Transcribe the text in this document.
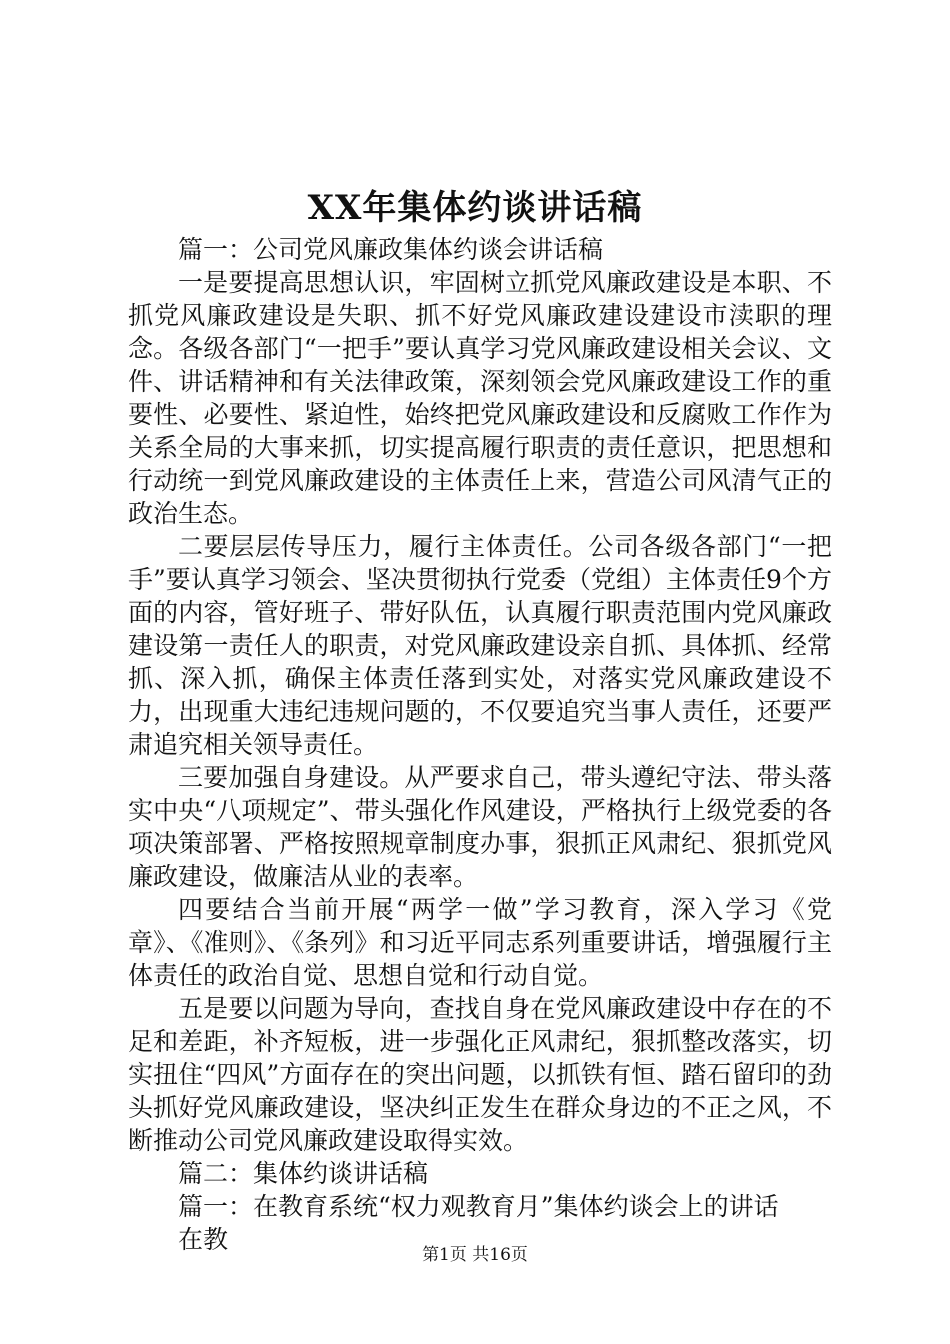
XX年集体约谈讲话稿

篇一：公司党风廉政集体约谈会讲话稿

一是要提高思想认识，牢固树立抓党风廉政建设是本职、不抓党风廉政建设是失职、抓不好党风廉政建设建设市渎职的理念。各级各部门“一把手”要认真学习党风廉政建设相关会议、文件、讲话精神和有关法律政策，深刻领会党风廉政建设工作的重要性、必要性、紧迫性，始终把党风廉政建设和反腐败工作作为关系全局的大事来抓，切实提高履行职责的责任意识，把思想和行动统一到党风廉政建设的主体责任上来，营造公司风清气正的政治生态。

二要层层传导压力，履行主体责任。公司各级各部门“一把手”要认真学习领会、坚决贯彻执行党委（党组）主体责任9个方面的内容，管好班子、带好队伍，认真履行职责范围内党风廉政建设第一责任人的职责，对党风廉政建设亲自抓、具体抓、经常抓、深入抓，确保主体责任落到实处，对落实党风廉政建设不力，出现重大违纪违规问题的，不仅要追究当事人责任，还要严肃追究相关领导责任。

三要加强自身建设。从严要求自己，带头遵纪守法、带头落实中央“八项规定”、带头强化作风建设，严格执行上级党委的各项决策部署、严格按照规章制度办事，狠抓正风肃纪、狠抓党风廉政建设，做廉洁从业的表率。

四要结合当前开展“两学一做”学习教育，深入学习《党章》、《准则》、《条列》和习近平同志系列重要讲话，增强履行主体责任的政治自觉、思想自觉和行动自觉。

五是要以问题为导向，查找自身在党风廉政建设中存在的不足和差距，补齐短板，进一步强化正风肃纪，狠抓整改落实，切实扭住“四风”方面存在的突出问题，以抓铁有恒、踏石留印的劲头抓好党风廉政建设，坚决纠正发生在群众身边的不正之风，不断推动公司党风廉政建设取得实效。

篇二：集体约谈讲话稿

篇一：在教育系统“权力观教育月”集体约谈会上的讲话

在教

第1页 共16页
